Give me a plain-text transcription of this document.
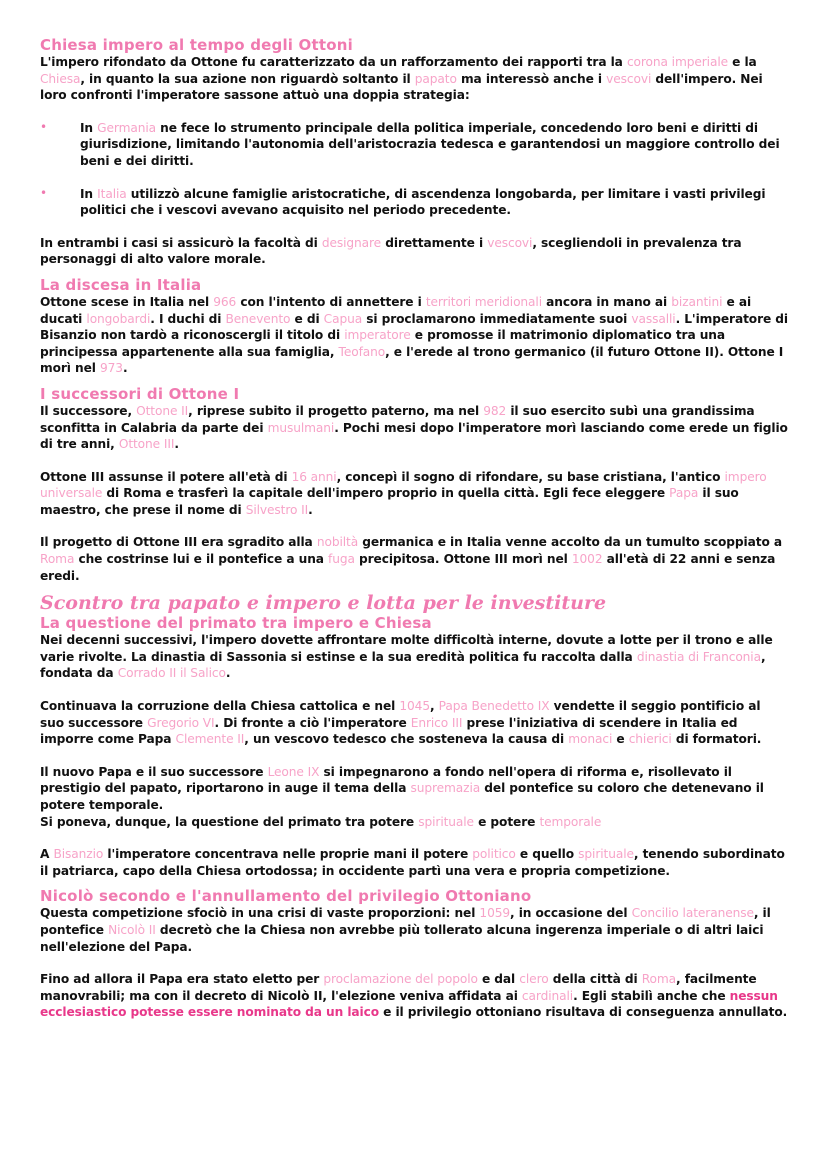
Chiesa impero al tempo degli Ottoni

L'impero rifondato da Ottone fu caratterizzato da un rafforzamento dei rapporti tra la corona imperiale e la Chiesa, in quanto la sua azione non riguardò soltanto il papato ma interessò anche i vescovi dell'impero. Nei loro confronti l'imperatore sassone attuò una doppia strategia:

•	In Germania ne fece lo strumento principale della politica imperiale, concedendo loro beni e diritti di giurisdizione, limitando l'autonomia dell'aristocrazia tedesca e garantendosi un maggiore controllo dei beni e dei diritti.

•	In Italia utilizzò alcune famiglie aristocratiche, di ascendenza longobarda, per limitare i vasti privilegi politici che i vescovi avevano acquisito nel periodo precedente.

In entrambi i casi si assicurò la facoltà di designare direttamente i vescovi, scegliendoli in prevalenza tra personaggi di alto valore morale.

La discesa in Italia

Ottone scese in Italia nel 966 con l'intento di annettere i territori meridionali ancora in mano ai bizantini e ai ducati longobardi. I duchi di Benevento e di Capua si proclamarono immediatamente suoi vassalli. L'imperatore di Bisanzio non tardò a riconoscergli il titolo di imperatore e promosse il matrimonio diplomatico tra una principessa appartenente alla sua famiglia, Teofano, e l'erede al trono germanico (il futuro Ottone II). Ottone I morì nel 973.

I successori di Ottone I

Il successore, Ottone II, riprese subito il progetto paterno, ma nel 982 il suo esercito subì una grandissima sconfitta in Calabria da parte dei musulmani. Pochi mesi dopo l'imperatore morì lasciando come erede un figlio di tre anni, Ottone III.

Ottone III assunse il potere all'età di 16 anni, concepì il sogno di rifondare, su base cristiana, l'antico impero universale di Roma e trasferì la capitale dell'impero proprio in quella città. Egli fece eleggere Papa il suo maestro, che prese il nome di Silvestro II.

Il progetto di Ottone III era sgradito alla nobiltà germanica e in Italia venne accolto da un tumulto scoppiato a Roma che costrinse lui e il pontefice a una fuga precipitosa. Ottone III morì nel 1002 all'età di 22 anni e senza eredi.

Scontro tra papato e impero e lotta per le investiture
La questione del primato tra impero e Chiesa

Nei decenni successivi, l'impero dovette affrontare molte difficoltà interne, dovute a lotte per il trono e alle varie rivolte. La dinastia di Sassonia si estinse e la sua eredità politica fu raccolta dalla dinastia di Franconia, fondata da Corrado II il Salico.

Continuava la corruzione della Chiesa cattolica e nel 1045, Papa Benedetto IX vendette il seggio pontificio al suo successore Gregorio VI. Di fronte a ciò l'imperatore Enrico III prese l'iniziativa di scendere in Italia ed imporre come Papa Clemente II, un vescovo tedesco che sosteneva la causa di monaci e chierici di formatori.

Il nuovo Papa e il suo successore Leone IX si impegnarono a fondo nell'opera di riforma e, risollevato il prestigio del papato, riportarono in auge il tema della supremazia del pontefice su coloro che detenevano il potere temporale.

Si poneva, dunque, la questione del primato tra potere spirituale e potere temporale

A Bisanzio l'imperatore concentrava nelle proprie mani il potere politico e quello spirituale, tenendo subordinato il patriarca, capo della Chiesa ortodossa; in occidente partì una vera e propria competizione.

Nicolò secondo e l'annullamento del privilegio Ottoniano

Questa competizione sfociò in una crisi di vaste proporzioni: nel 1059, in occasione del Concilio lateranense, il pontefice Nicolò II decretò che la Chiesa non avrebbe più tollerato alcuna ingerenza imperiale o di altri laici nell'elezione del Papa.

Fino ad allora il Papa era stato eletto per proclamazione del popolo e dal clero della città di Roma, facilmente manovrabili; ma con il decreto di Nicolò II, l'elezione veniva affidata ai cardinali. Egli stabilì anche che nessun ecclesiastico potesse essere nominato da un laico e il privilegio ottoniano risultava di conseguenza annullato.
